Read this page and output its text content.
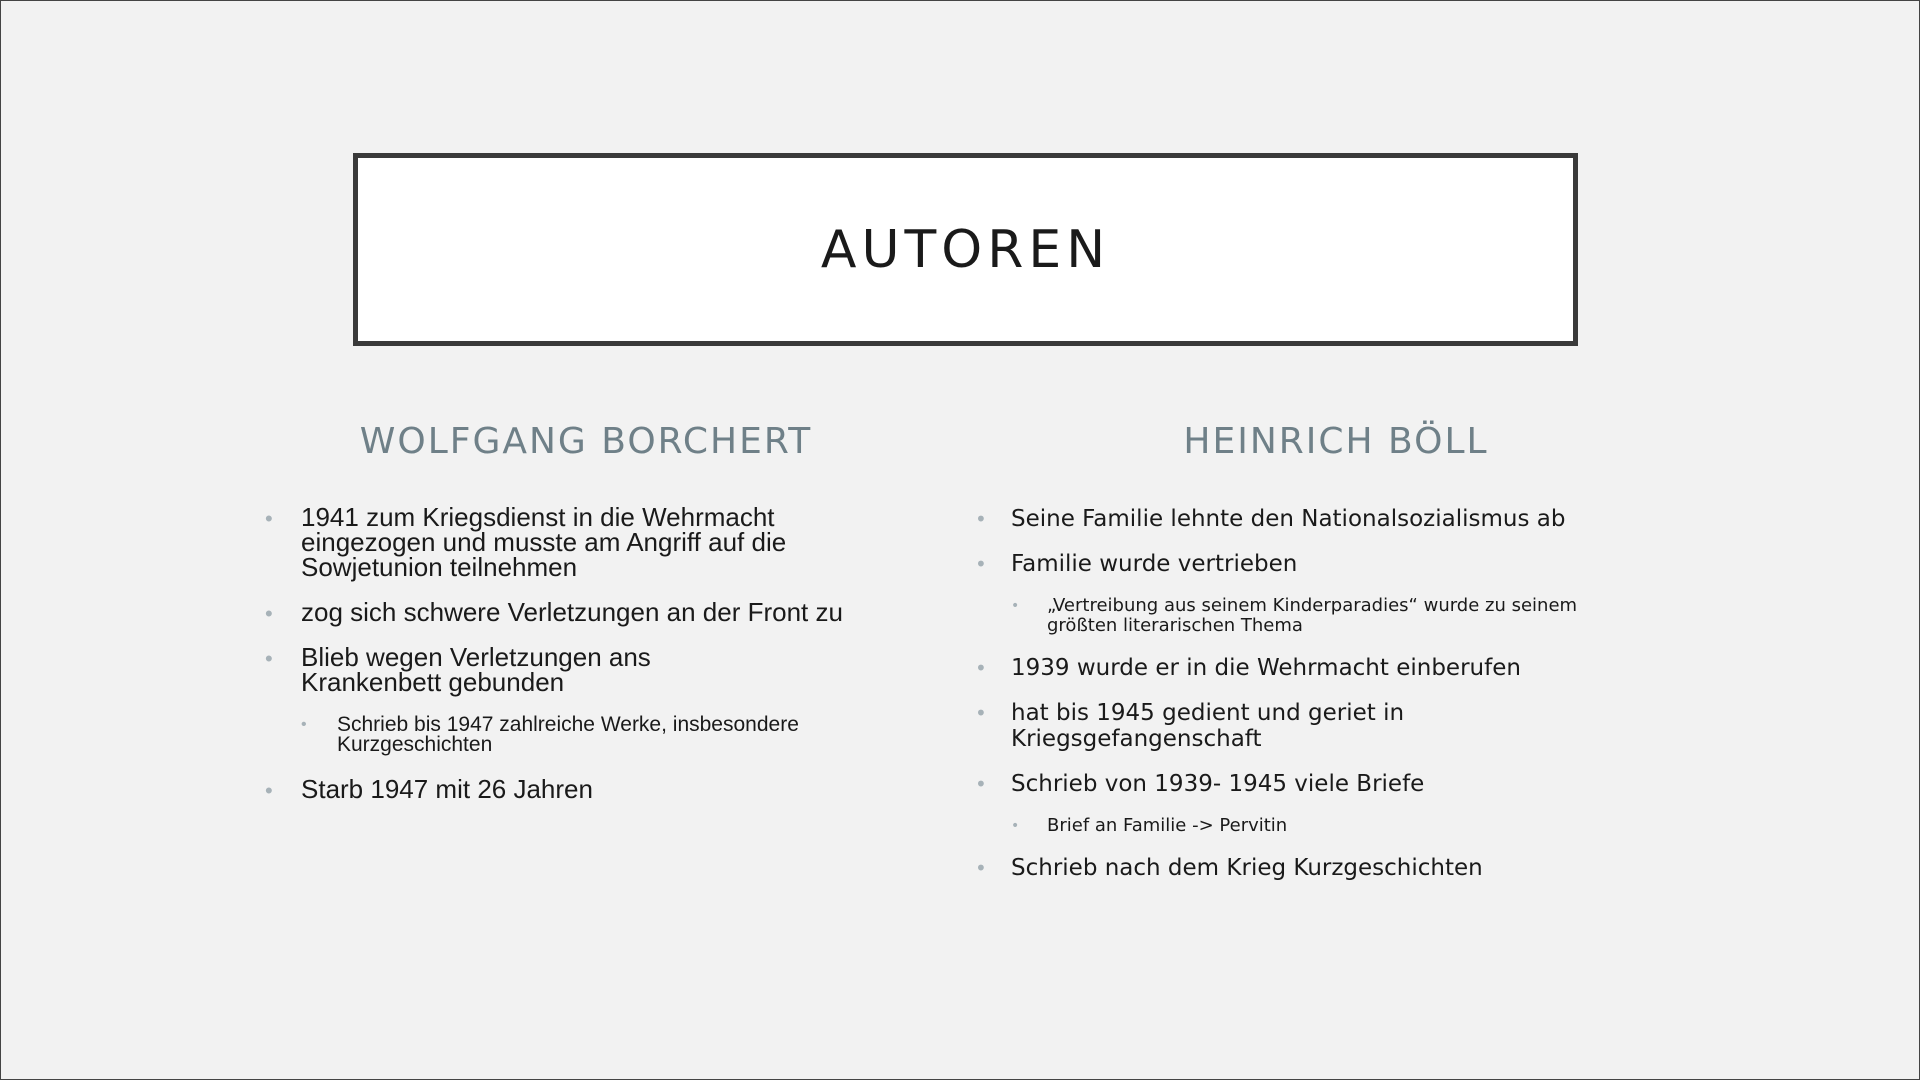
AUTOREN
WOLFGANG BORCHERT	HEINRICH BÖLL
• 1941 zum Kriegsdienst in die Wehrmacht eingezogen und musste am Angriff auf die Sowjetunion teilnehmen
• zog sich schwere Verletzungen an der Front zu
• Blieb wegen Verletzungen ans Krankenbett gebunden
• Schrieb bis 1947 zahlreiche Werke, insbesondere Kurzgeschichten
• Starb 1947 mit 26 Jahren
• Seine Familie lehnte den Nationalsozialismus ab
• Familie wurde vertrieben
• „Vertreibung aus seinem Kinderparadies“ wurde zu seinem größten literarischen Thema
• 1939 wurde er in die Wehrmacht einberufen
• hat bis 1945 gedient und geriet in Kriegsgefangenschaft
• Schrieb von 1939- 1945 viele Briefe
• Brief an Familie -> Pervitin
• Schrieb nach dem Krieg Kurzgeschichten
